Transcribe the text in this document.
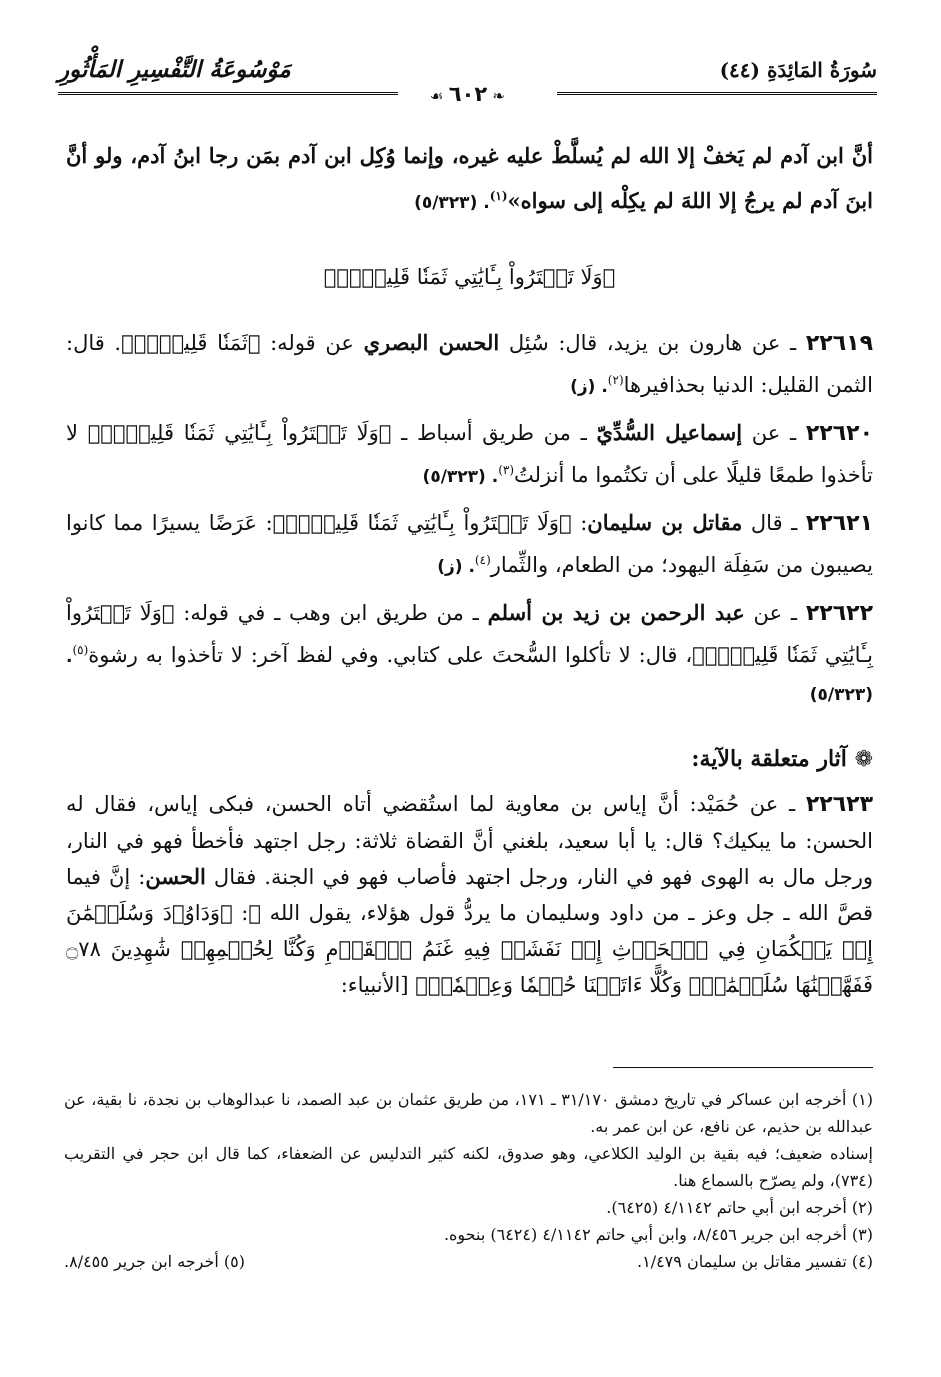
سُورَةُ المَائِدَةِ (٤٤)
مَوْسُوعَةُ التَّفْسِيرِ المَأْثُورِ
❧ ٦٠٢ ☙

أنَّ ابن آدم لم يَخفْ إلا الله لم يُسلَّطْ عليه غيره، وإنما وُكِل ابن آدم بمَن رجا ابنُ آدم، ولو أنَّ ابنَ آدم لم يرجُ إلا اللهَ لم يكِلْه إلى سواه»$^{(١)}$. (٥/٣٢٣)

﴿وَلَا تَشۡتَرُواْ بِـَٔايَٰتِي ثَمَنٗا قَلِيلٗاۚ﴾

٢٢٦١٩ ـ عن هارون بن يزيد، قال: سُئِل الحسن البصري عن قوله: ﴿ثَمَنٗا قَلِيلٗاۚ﴾. قال: الثمن القليل: الدنيا بحذافيرها$^{(٢)}$. (ز)

٢٢٦٢٠ ـ عن إسماعيل السُّدِّيّ ـ من طريق أسباط ـ ﴿وَلَا تَشۡتَرُواْ بِـَٔايَٰتِي ثَمَنٗا قَلِيلٗاۚ﴾ لا تأخذوا طمعًا قليلًا على أن تكتُموا ما أنزلتُ$^{(٣)}$. (٥/٣٢٣)

٢٢٦٢١ ـ قال مقاتل بن سليمان: ﴿وَلَا تَشۡتَرُواْ بِـَٔايَٰتِي ثَمَنٗا قَلِيلٗاۚ﴾: عَرَضًا يسيرًا مما كانوا يصيبون من سَفِلَة اليهود؛ من الطعام، والثِّمار$^{(٤)}$. (ز)

٢٢٦٢٢ ـ عن عبد الرحمن بن زيد بن أسلم ـ من طريق ابن وهب ـ في قوله: ﴿وَلَا تَشۡتَرُواْ بِـَٔايَٰتِي ثَمَنٗا قَلِيلٗاۚ﴾، قال: لا تأكلوا السُّحتَ على كتابي. وفي لفظ آخر: لا تأخذوا به رشوة$^{(٥)}$. (٥/٣٢٣)

❁ آثار متعلقة بالآية:

٢٢٦٢٣ ـ عن حُمَيْد: أنَّ إياس بن معاوية لما استُقضي أتاه الحسن، فبكى إياس، فقال له الحسن: ما يبكيك؟ قال: يا أبا سعيد، بلغني أنَّ القضاة ثلاثة: رجل اجتهد فأخطأ فهو في النار، ورجل مال به الهوى فهو في النار، ورجل اجتهد فأصاب فهو في الجنة. فقال الحسن: إنَّ فيما قصَّ الله ـ جل وعز ـ من داود وسليمان ما يردُّ قول هؤلاء، يقول الله ﷻ: ﴿وَدَاوُۥدَ وَسُلَيۡمَٰنَ إِذۡ يَحۡكُمَانِ فِي ٱلۡحَرۡثِ إِذۡ نَفَشَتۡ فِيهِ غَنَمُ ٱلۡقَوۡمِ وَكُنَّا لِحُكۡمِهِمۡ شَٰهِدِينَ ۝٧٨ فَفَهَّمۡنَٰهَا سُلَيۡمَٰنَۚ وَكُلًّا ءَاتَيۡنَا حُكۡمٗا وَعِلۡمٗاۚ﴾ [الأنبياء:

(١) أخرجه ابن عساكر في تاريخ دمشق ٣١/١٧٠ ـ ١٧١، من طريق عثمان بن عبد الصمد، نا عبدالوهاب بن نجدة، نا بقية، عن عبدالله بن حذيم، عن نافع، عن ابن عمر به.

إسناده ضعيف؛ فيه بقية بن الوليد الكلاعي، وهو صدوق، لكنه كثير التدليس عن الضعفاء، كما قال ابن حجر في التقريب (٧٣٤)، ولم يصرّح بالسماع هنا.

(٢) أخرجه ابن أبي حاتم ٤/١١٤٢ (٦٤٢٥).

(٣) أخرجه ابن جرير ٨/٤٥٦، وابن أبي حاتم ٤/١١٤٢ (٦٤٢٤) بنحوه.

(٤) تفسير مقاتل بن سليمان ١/٤٧٩.
(٥) أخرجه ابن جرير ٨/٤٥٥.
